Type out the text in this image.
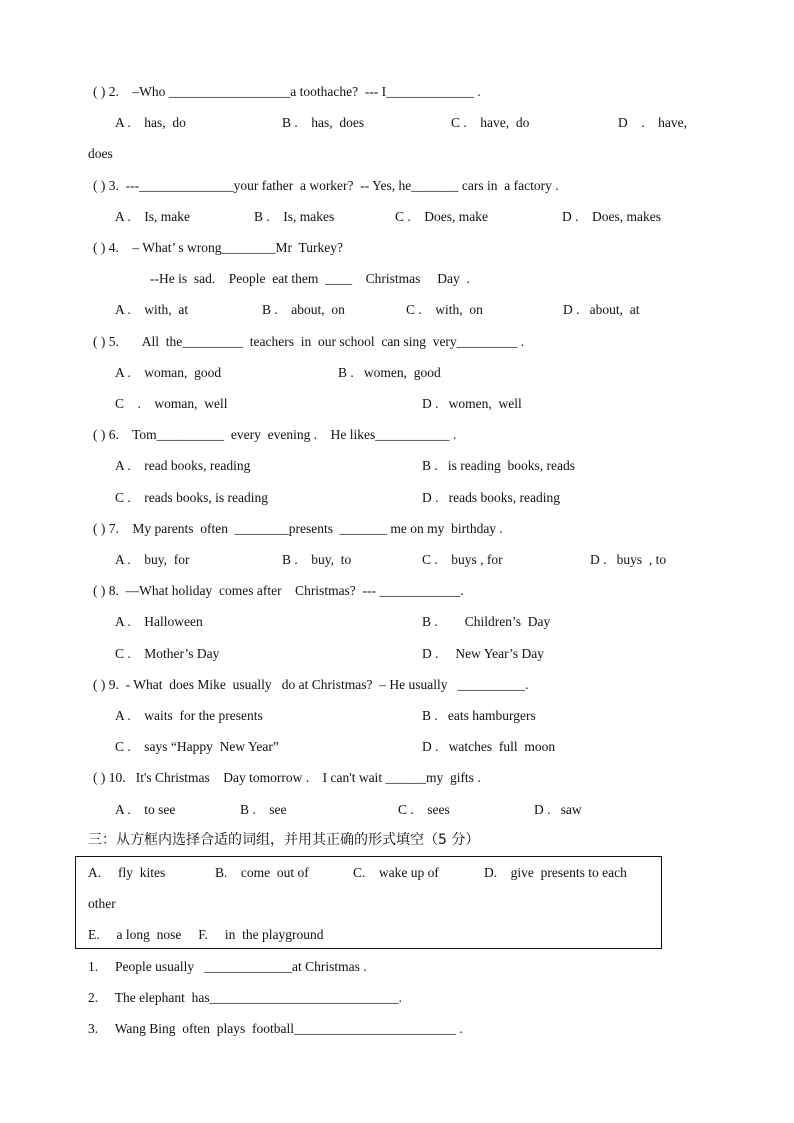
( ) 2.    –Who __________________a toothache?  --- I_____________ .
A .    has,  do	B .    has,  does	C .    have,  do	D    .    have,
does
( ) 3.  ---______________your father  a worker?  -- Yes, he_______ cars in  a factory .
A .    Is, make	B .    Is, makes	C .    Does, make	D .    Does, makes
( ) 4.    – What’ s wrong________Mr  Turkey?
--He is  sad.    People  eat them  ____    Christmas     Day  .
A .    with,  at	B .    about,  on	C .    with,  on	D .   about,  at
( ) 5.       All  the_________  teachers  in  our school  can sing  very_________ .
A .    woman,  good	B .   women,  good
C    .    woman,  well	D .   women,  well
( ) 6.    Tom__________  every  evening .    He likes___________ .
A .    read books, reading	B .   is reading  books, reads
C .    reads books, is reading	D .   reads books, reading
( ) 7.    My parents  often  ________presents  _______ me on my  birthday .
A .    buy,  for	B .    buy,  to	C .    buys , for	D .   buys  , to
( ) 8.  —What holiday  comes after    Christmas?  --- ____________.
A .    Halloween	B .        Children’s  Day
C .    Mother’s Day	D .     New Year’s Day
( ) 9.  - What  does Mike  usually   do at Christmas?  – He usually   __________.
A .    waits  for the presents	B .   eats hamburgers
C .    says “Happy  New Year”	D .   watches  full  moon
( ) 10.   It's Christmas    Day tomorrow .    I can't wait ______my  gifts .
A .    to see	B .    see	C .    sees	D .   saw
三：从方框内选择合适的词组，并用其正确的形式填空（5 分）
A.     fly  kites	B.    come  out of	C.    wake up of	D.    give  presents to each
other
E.     a long  nose     F.     in  the playground
1.     People usually   _____________at Christmas .
2.     The elephant  has____________________________.
3.     Wang Bing  often  plays  football________________________ .
